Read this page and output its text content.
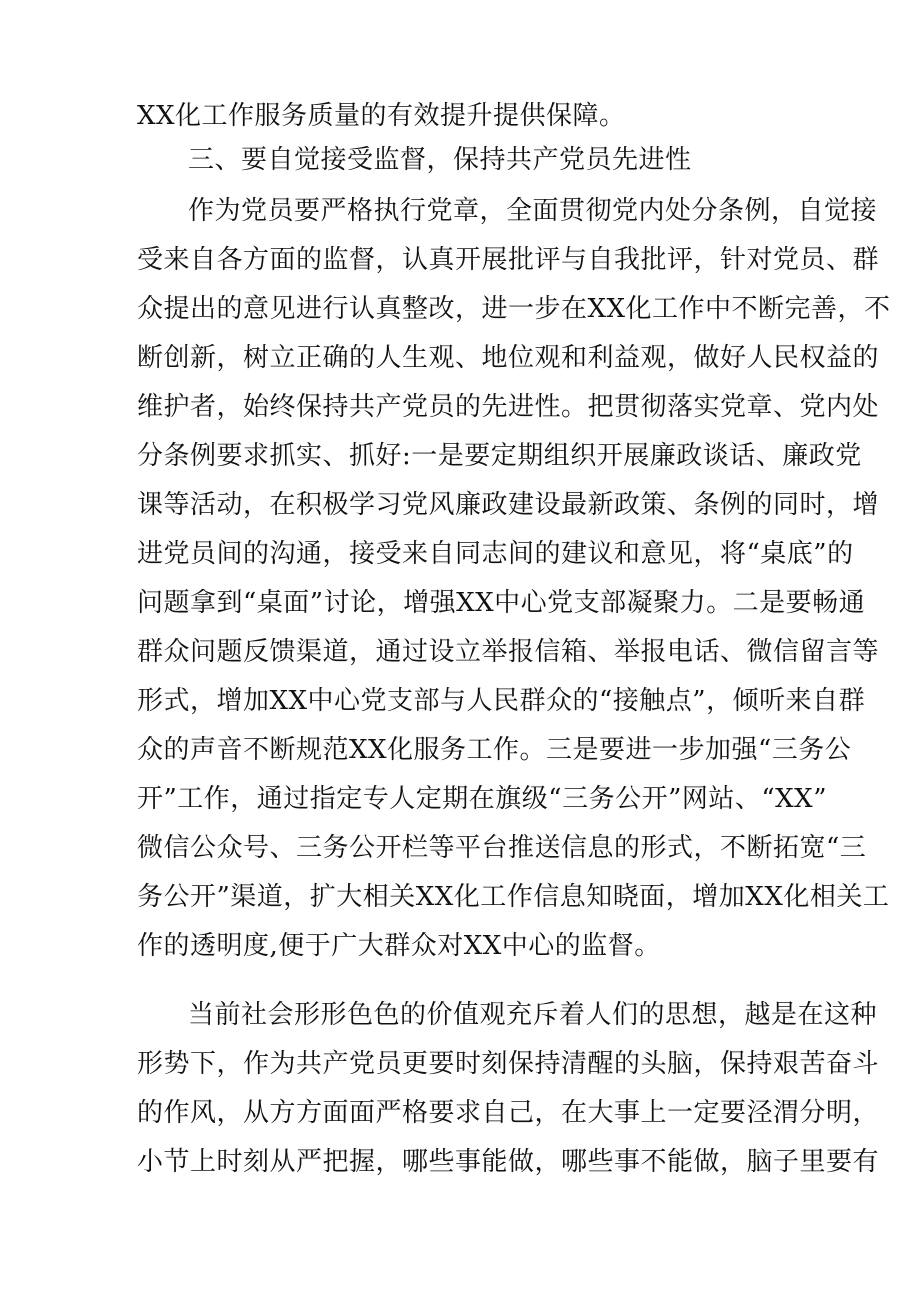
XX化工作服务质量的有效提升提供保障。
三、要自觉接受监督，保持共产党员先进性
作为党员要严格执行党章，全面贯彻党内处分条例，自觉接
受来自各方面的监督，认真开展批评与自我批评，针对党员、群
众提出的意见进行认真整改，进一步在XX化工作中不断完善，不
断创新，树立正确的人生观、地位观和利益观，做好人民权益的
维护者，始终保持共产党员的先进性。把贯彻落实党章、党内处
分条例要求抓实、抓好:一是要定期组织开展廉政谈话、廉政党
课等活动，在积极学习党风廉政建设最新政策、条例的同时，增
进党员间的沟通，接受来自同志间的建议和意见，将“桌底”的
问题拿到“桌面”讨论，增强XX中心党支部凝聚力。二是要畅通
群众问题反馈渠道，通过设立举报信箱、举报电话、微信留言等
形式，增加XX中心党支部与人民群众的“接触点”，倾听来自群
众的声音不断规范XX化服务工作。三是要进一步加强“三务公
开”工作，通过指定专人定期在旗级“三务公开”网站、“XX”
微信公众号、三务公开栏等平台推送信息的形式，不断拓宽“三
务公开”渠道，扩大相关XX化工作信息知晓面，增加XX化相关工
作的透明度,便于广大群众对XX中心的监督。
当前社会形形色色的价值观充斥着人们的思想，越是在这种
形势下，作为共产党员更要时刻保持清醒的头脑，保持艰苦奋斗
的作风，从方方面面严格要求自己，在大事上一定要泾渭分明，
小节上时刻从严把握，哪些事能做，哪些事不能做，脑子里要有
